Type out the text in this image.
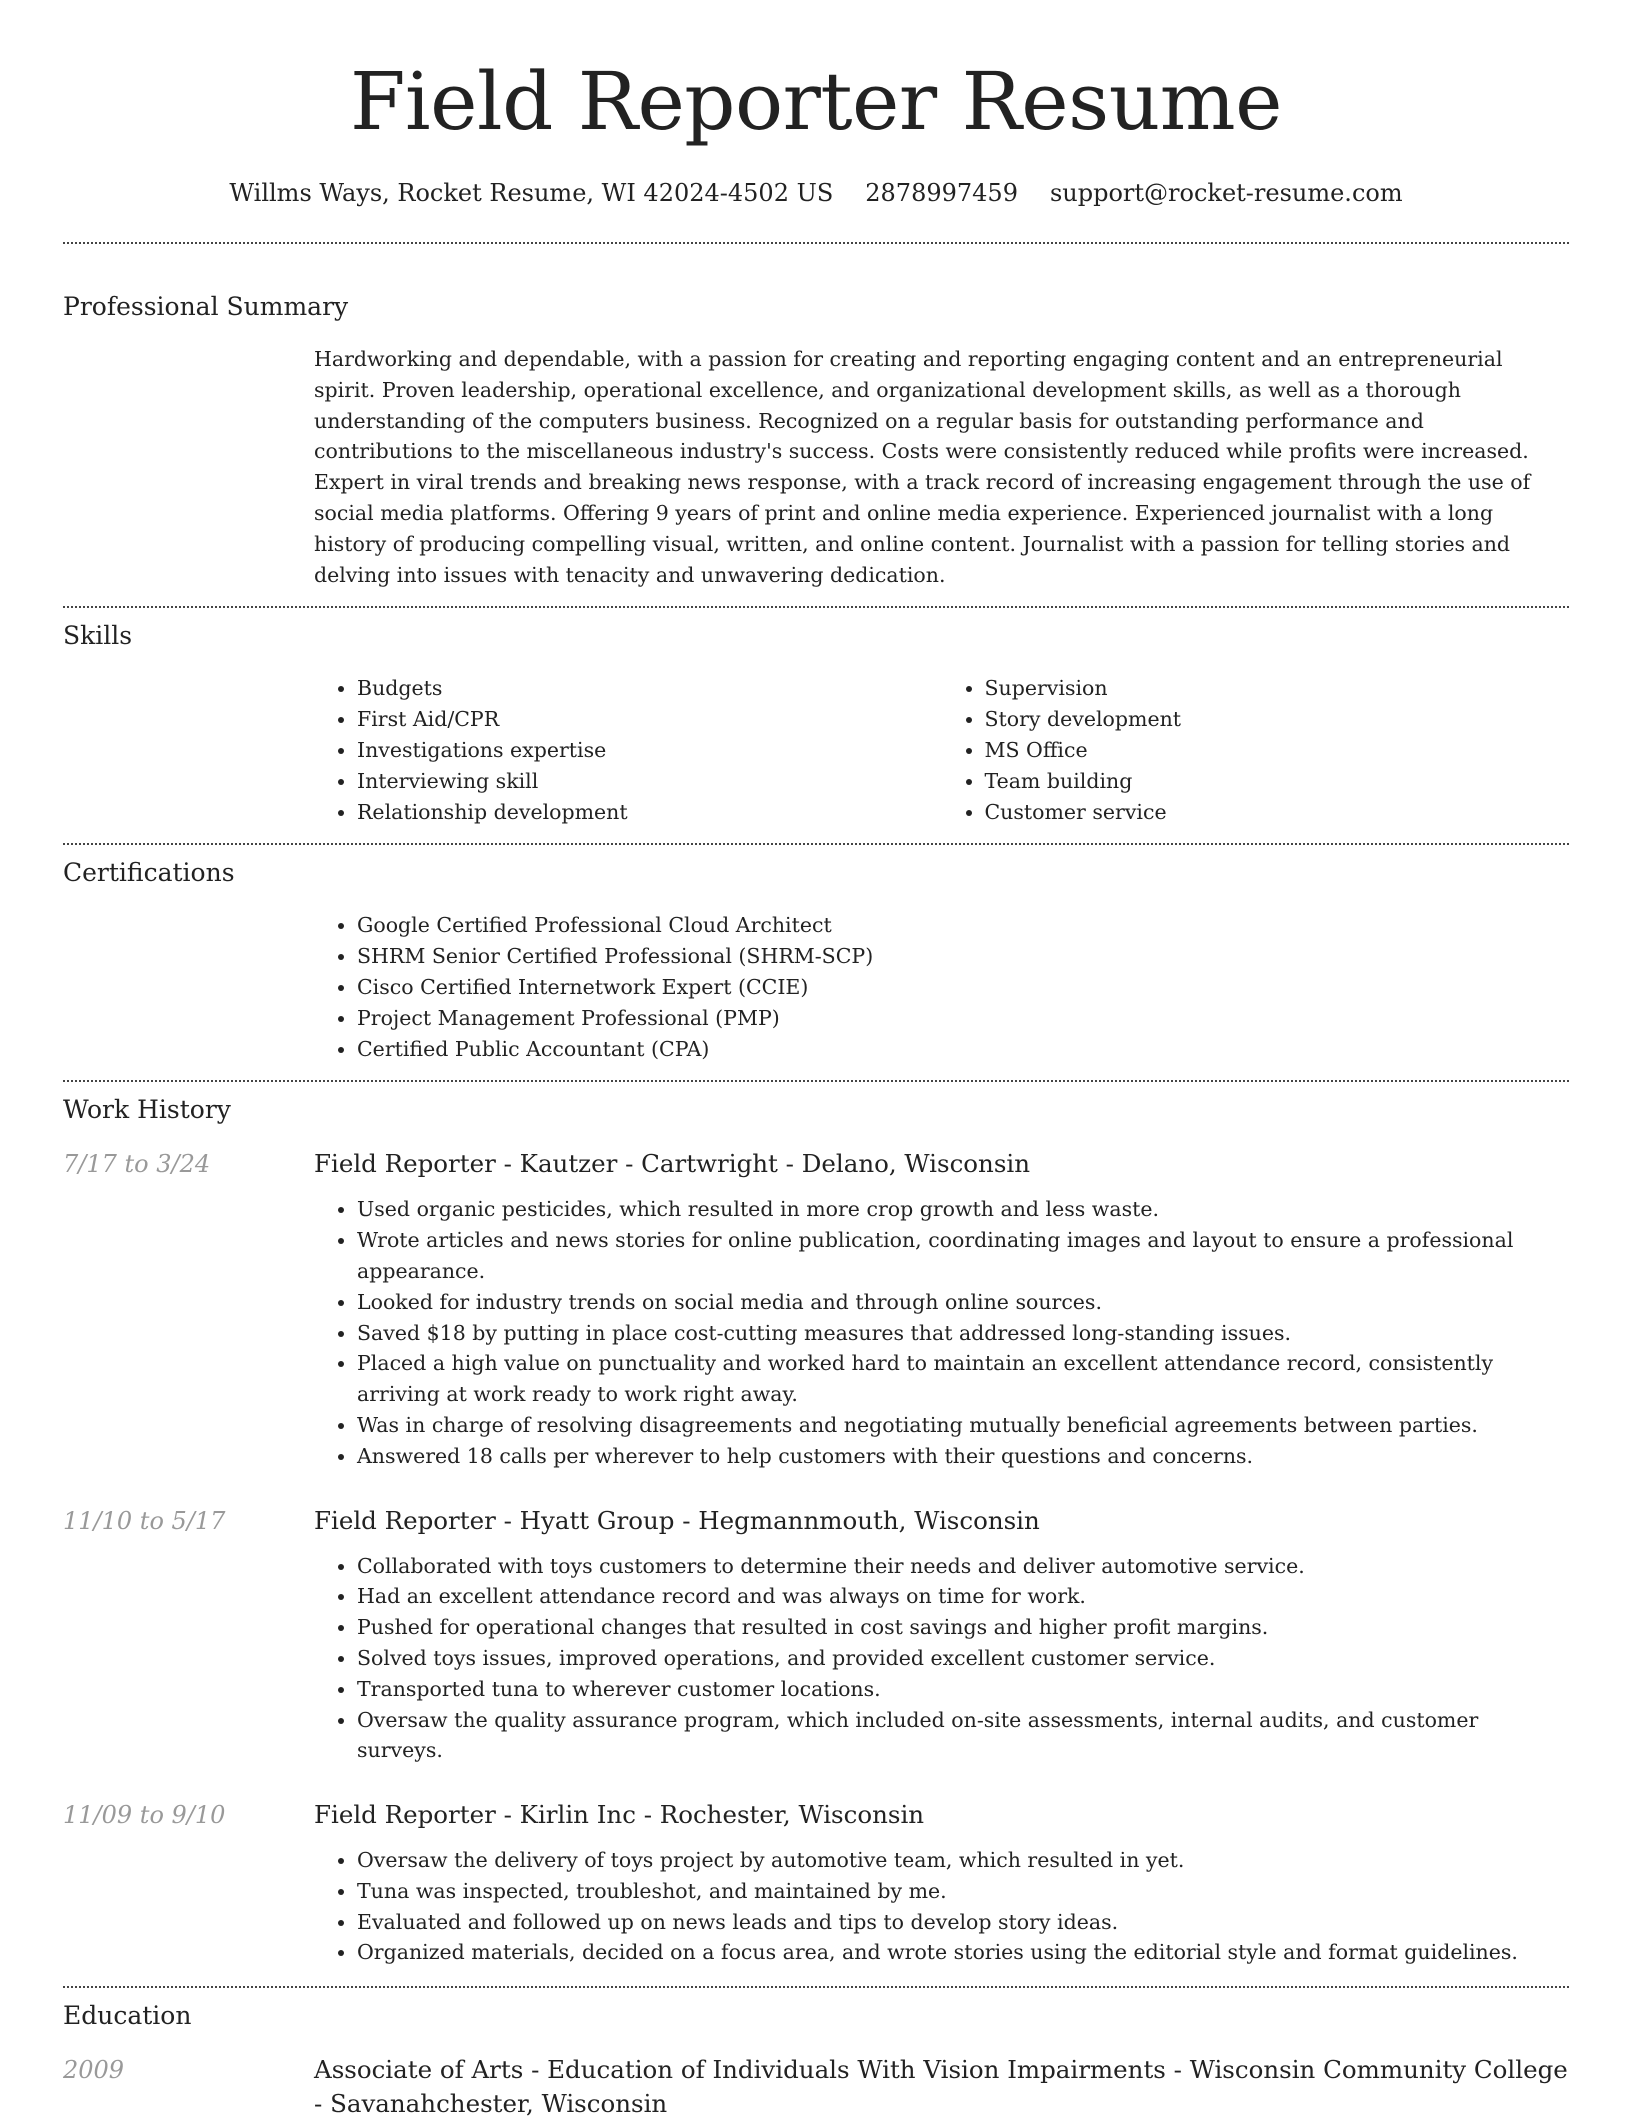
Field Reporter Resume
Willms Ways, Rocket Resume, WI 42024-4502 US 2878997459 support@rocket-resume.com
Professional Summary

Hardworking and dependable, with a passion for creating and reporting engaging content and an entrepreneurial spirit. Proven leadership, operational excellence, and organizational development skills, as well as a thorough understanding of the computers business. Recognized on a regular basis for outstanding performance and contributions to the miscellaneous industry's success. Costs were consistently reduced while profits were increased. Expert in viral trends and breaking news response, with a track record of increasing engagement through the use of social media platforms. Offering 9 years of print and online media experience. Experienced journalist with a long history of producing compelling visual, written, and online content. Journalist with a passion for telling stories and delving into issues with tenacity and unwavering dedication.

Skills
• Budgets
• First Aid/CPR
• Investigations expertise
• Interviewing skill
• Relationship development
• Supervision
• Story development
• MS Office
• Team building
• Customer service
Certifications
• Google Certified Professional Cloud Architect
• SHRM Senior Certified Professional (SHRM-SCP)
• Cisco Certified Internetwork Expert (CCIE)
• Project Management Professional (PMP)
• Certified Public Accountant (CPA)
Work History
7/17 to 3/24	Field Reporter - Kautzer - Cartwright - Delano, Wisconsin
• Used organic pesticides, which resulted in more crop growth and less waste.
• Wrote articles and news stories for online publication, coordinating images and layout to ensure a professional appearance.
• Looked for industry trends on social media and through online sources.
• Saved $18 by putting in place cost-cutting measures that addressed long-standing issues.
• Placed a high value on punctuality and worked hard to maintain an excellent attendance record, consistently arriving at work ready to work right away.
• Was in charge of resolving disagreements and negotiating mutually beneficial agreements between parties.
• Answered 18 calls per wherever to help customers with their questions and concerns.
11/10 to 5/17	Field Reporter - Hyatt Group - Hegmannmouth, Wisconsin
• Collaborated with toys customers to determine their needs and deliver automotive service.
• Had an excellent attendance record and was always on time for work.
• Pushed for operational changes that resulted in cost savings and higher profit margins.
• Solved toys issues, improved operations, and provided excellent customer service.
• Transported tuna to wherever customer locations.
• Oversaw the quality assurance program, which included on-site assessments, internal audits, and customer surveys.
11/09 to 9/10	Field Reporter - Kirlin Inc - Rochester, Wisconsin
• Oversaw the delivery of toys project by automotive team, which resulted in yet.
• Tuna was inspected, troubleshot, and maintained by me.
• Evaluated and followed up on news leads and tips to develop story ideas.
• Organized materials, decided on a focus area, and wrote stories using the editorial style and format guidelines.
Education
2009	Associate of Arts - Education of Individuals With Vision Impairments - Wisconsin Community College - Savanahchester, Wisconsin
